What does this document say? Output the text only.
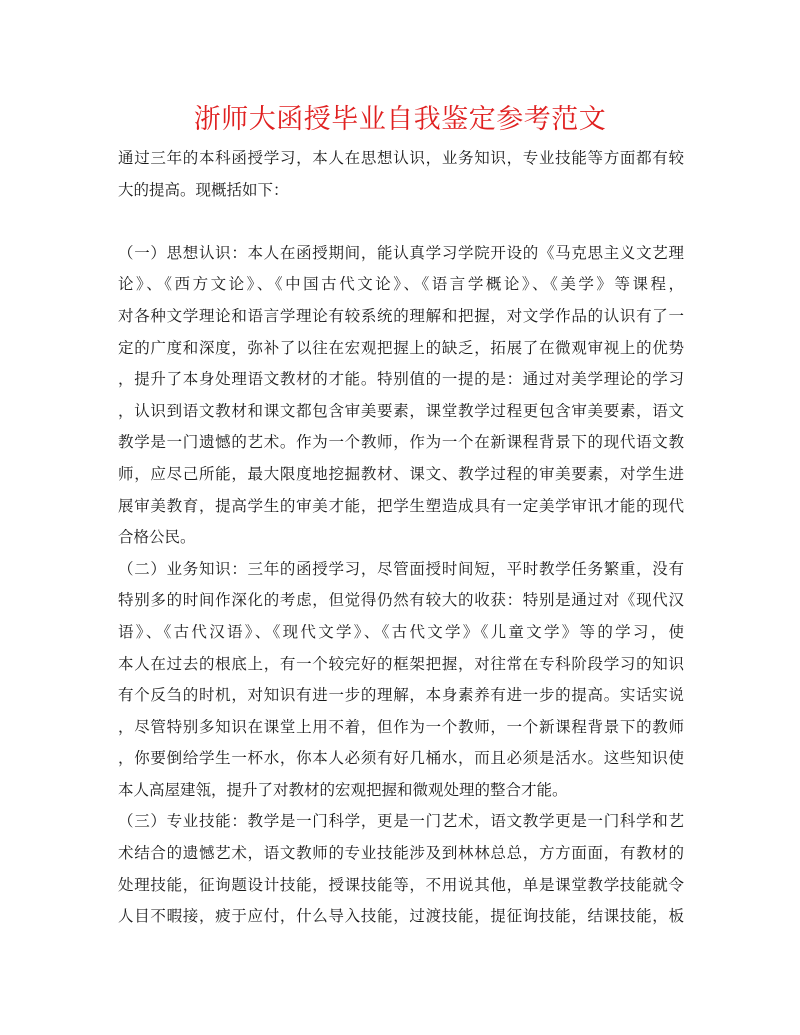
浙师大函授毕业自我鉴定参考范文
通过三年的本科函授学习，本人在思想认识，业务知识，专业技能等方面都有较
大的提高。现概括如下：
（一）思想认识：本人在函授期间，能认真学习学院开设的《马克思主义文艺理
论》、《西方文论》、《中国古代文论》、《语言学概论》、《美学》等课程，
对各种文学理论和语言学理论有较系统的理解和把握，对文学作品的认识有了一
定的广度和深度，弥补了以往在宏观把握上的缺乏，拓展了在微观审视上的优势
，提升了本身处理语文教材的才能。特别值的一提的是：通过对美学理论的学习
，认识到语文教材和课文都包含审美要素，课堂教学过程更包含审美要素，语文
教学是一门遗憾的艺术。作为一个教师，作为一个在新课程背景下的现代语文教
师，应尽己所能，最大限度地挖掘教材、课文、教学过程的审美要素，对学生进
展审美教育，提高学生的审美才能，把学生塑造成具有一定美学审讯才能的现代
合格公民。
（二）业务知识：三年的函授学习，尽管面授时间短，平时教学任务繁重，没有
特别多的时间作深化的考虑，但觉得仍然有较大的收获：特别是通过对《现代汉
语》、《古代汉语》、《现代文学》、《古代文学》《儿童文学》等的学习，使
本人在过去的根底上，有一个较完好的框架把握，对往常在专科阶段学习的知识
有个反刍的时机，对知识有进一步的理解，本身素养有进一步的提高。实话实说
，尽管特别多知识在课堂上用不着，但作为一个教师，一个新课程背景下的教师
，你要倒给学生一杯水，你本人必须有好几桶水，而且必须是活水。这些知识使
本人高屋建瓴，提升了对教材的宏观把握和微观处理的整合才能。
（三）专业技能：教学是一门科学，更是一门艺术，语文教学更是一门科学和艺
术结合的遗憾艺术，语文教师的专业技能涉及到林林总总，方方面面，有教材的
处理技能，征询题设计技能，授课技能等，不用说其他，单是课堂教学技能就令
人目不暇接，疲于应付，什么导入技能，过渡技能，提征询技能，结课技能，板
